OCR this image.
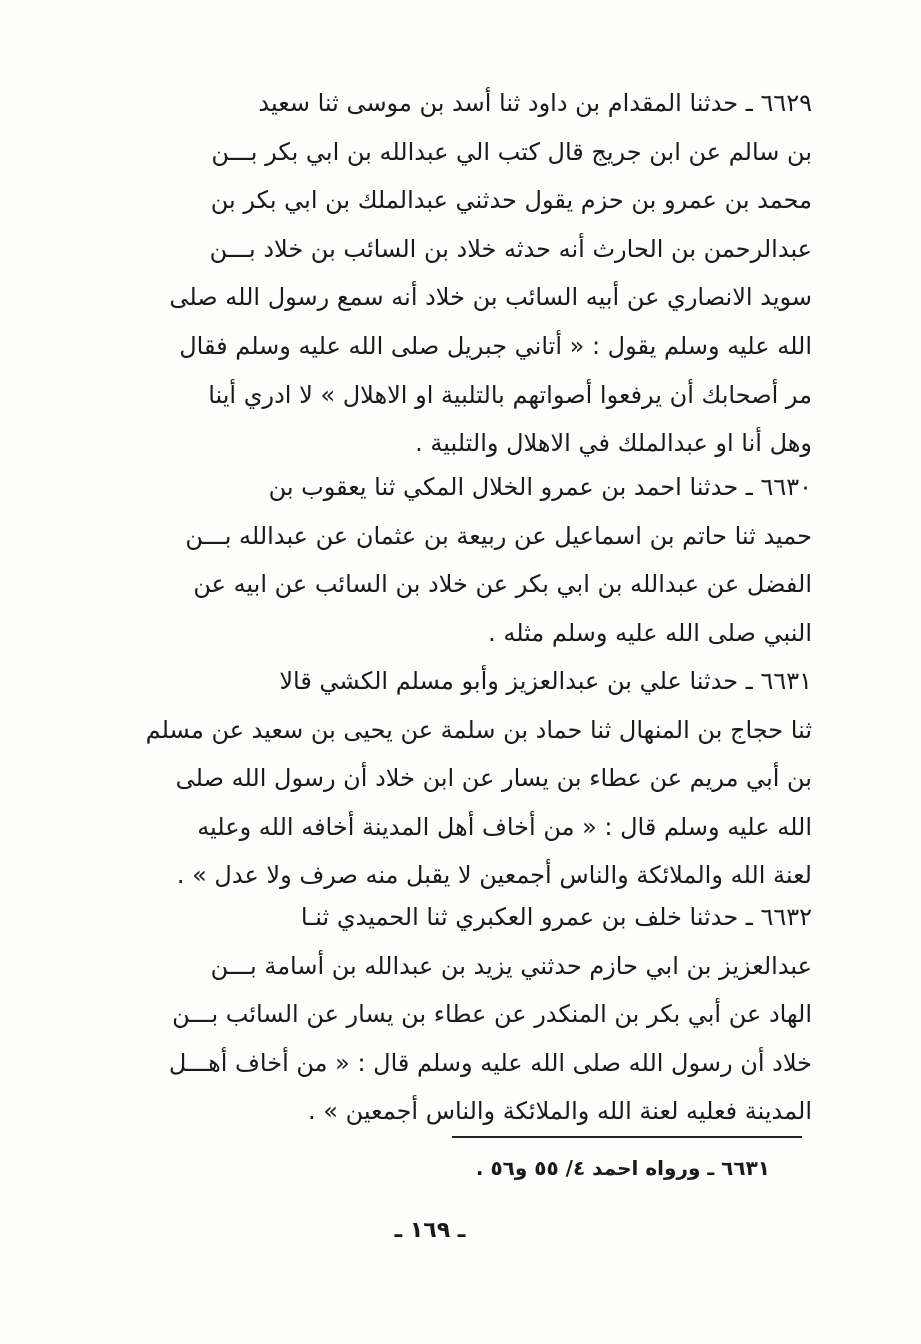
٦٦٢٩ ـ حدثنا المقدام بن داود ثنا أسد بن موسى ثنا سعيد
بن سالم عن ابن جريج قال كتب الي عبدالله بن ابي بكر بـــن
محمد بن عمرو بن حزم يقول حدثني عبدالملك بن ابي بكر بن
عبدالرحمن بن الحارث أنه حدثه خلاد بن السائب بن خلاد بـــن
سويد الانصاري عن أبيه السائب بن خلاد أنه سمع رسول الله صلى
الله عليه وسلم يقول : « أتاني جبريل صلى الله عليه وسلم فقال
مر أصحابك أن يرفعوا أصواتهم بالتلبية او الاهلال » لا ادري أينا
وهل أنا او عبدالملك في الاهلال والتلبية .
٦٦٣٠ ـ حدثنا احمد بن عمرو الخلال المكي ثنا يعقوب بن
حميد ثنا حاتم بن اسماعيل عن ربيعة بن عثمان عن عبدالله بـــن
الفضل عن عبدالله بن ابي بكر عن خلاد بن السائب عن ابيه عن
النبي صلى الله عليه وسلم مثله .
٦٦٣١ ـ حدثنا علي بن عبدالعزيز وأبو مسلم الكشي قالا
ثنا حجاج بن المنهال ثنا حماد بن سلمة عن يحيى بن سعيد عن مسلم
بن أبي مريم عن عطاء بن يسار عن ابن خلاد أن رسول الله صلى
الله عليه وسلم قال : « من أخاف أهل المدينة أخافه الله وعليه
لعنة الله والملائكة والناس أجمعين لا يقبل منه صرف ولا عدل » .
٦٦٣٢ ـ حدثنا خلف بن عمرو العكبري ثنا الحميدي ثنـا
عبدالعزيز بن ابي حازم حدثني يزيد بن عبدالله بن أسامة بـــن
الهاد عن أبي بكر بن المنكدر عن عطاء بن يسار عن السائب بـــن
خلاد أن رسول الله صلى الله عليه وسلم قال : « من أخاف أهـــل
المدينة فعليه لعنة الله والملائكة والناس أجمعين » .
٦٦٣١ ـ ورواه احمد ٤/ ٥٥ و٥٦ .
ـ ١٦٩ ـ
